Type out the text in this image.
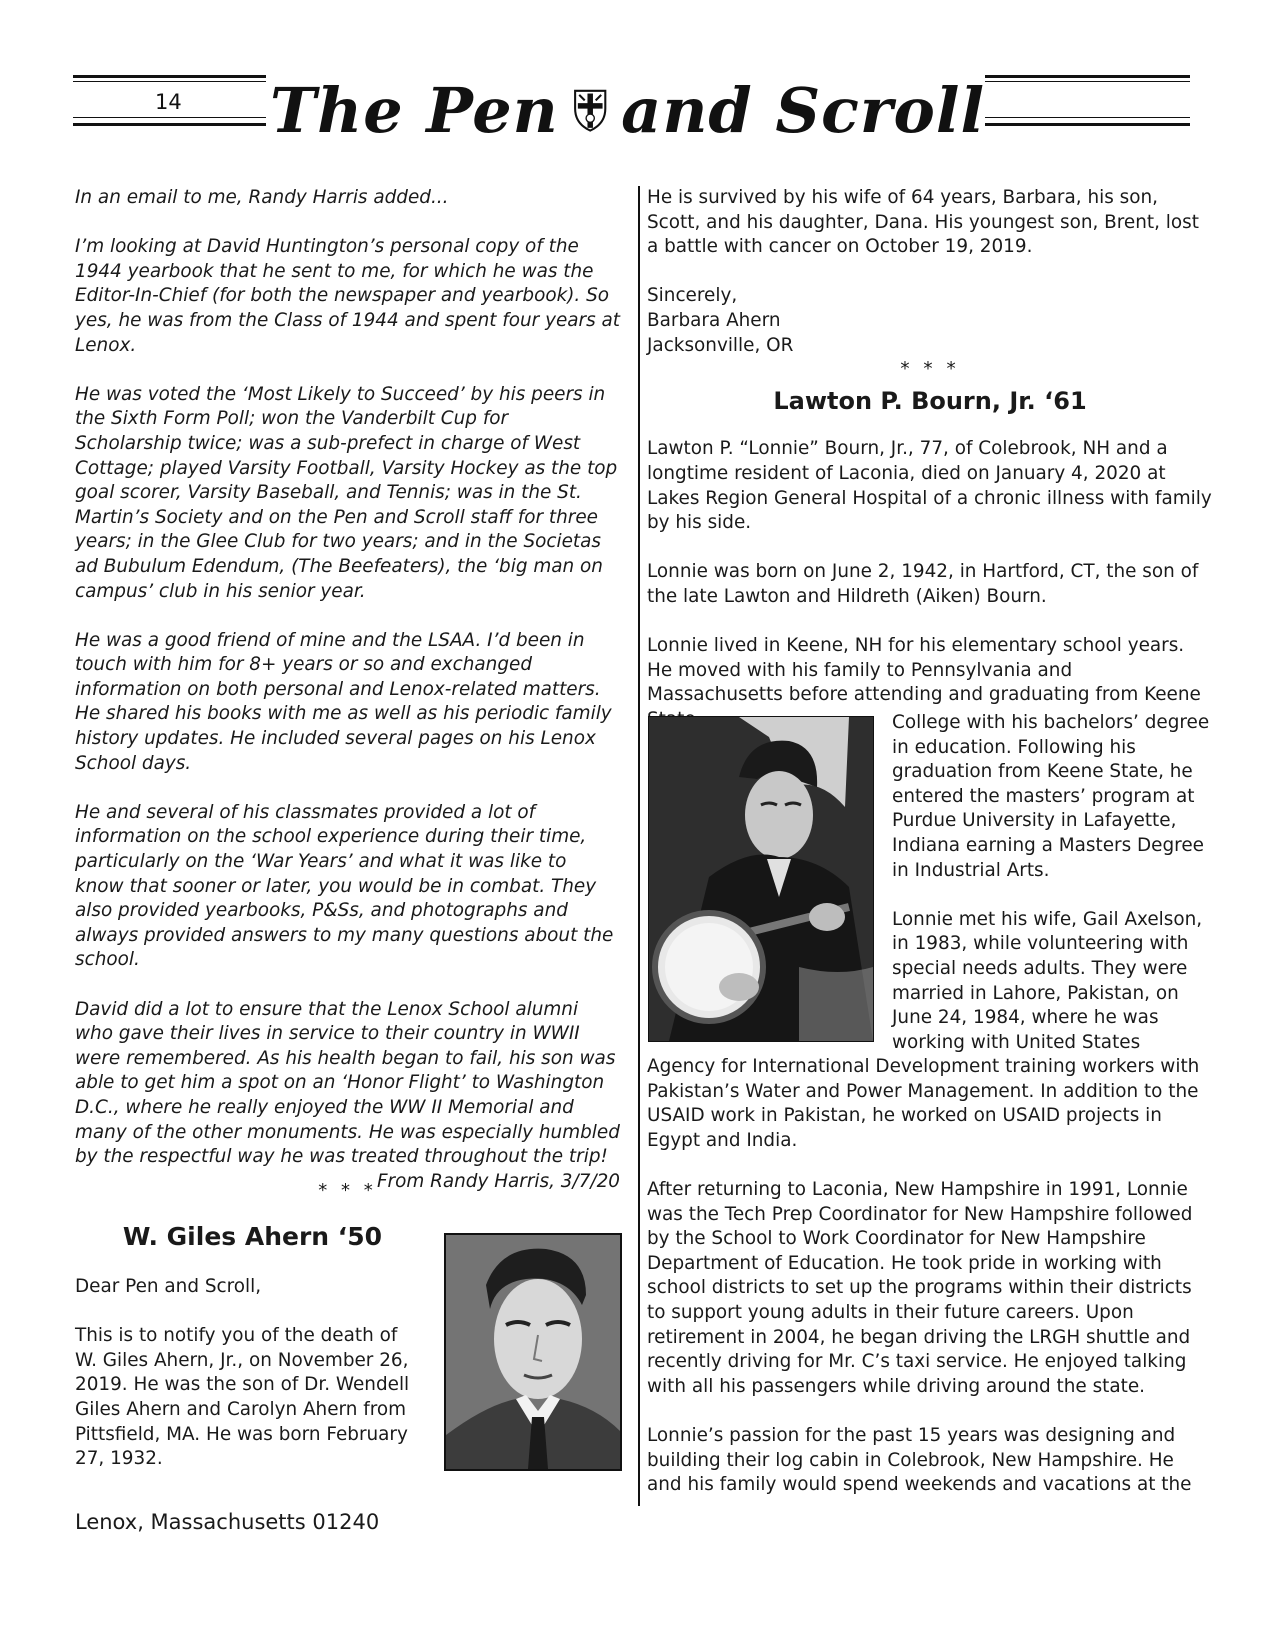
14 The Pen and Scroll

In an email to me, Randy Harris added...

I’m looking at David Huntington’s personal copy of the 1944 yearbook that he sent to me, for which he was the Editor-In-Chief (for both the newspaper and yearbook). So yes, he was from the Class of 1944 and spent four years at Lenox.

He was voted the ‘Most Likely to Succeed’ by his peers in the Sixth Form Poll; won the Vanderbilt Cup for Scholarship twice; was a sub-prefect in charge of West Cottage; played Varsity Football, Varsity Hockey as the top goal scorer, Varsity Baseball, and Tennis; was in the St. Martin’s Society and on the Pen and Scroll staff for three years; in the Glee Club for two years; and in the Societas ad Bubulum Edendum, (The Beefeaters), the ‘big man on campus’ club in his senior year.

He was a good friend of mine and the LSAA. I’d been in touch with him for 8+ years or so and exchanged information on both personal and Lenox-related matters. He shared his books with me as well as his periodic family history updates. He included several pages on his Lenox School days.

He and several of his classmates provided a lot of information on the school experience during their time, particularly on the ‘War Years’ and what it was like to know that sooner or later, you would be in combat. They also provided yearbooks, P&Ss, and photographs and always provided answers to my many questions about the school.

David did a lot to ensure that the Lenox School alumni who gave their lives in service to their country in WWII were remembered. As his health began to fail, his son was able to get him a spot on an ‘Honor Flight’ to Washington D.C., where he really enjoyed the WW II Memorial and many of the other monuments. He was especially humbled by the respectful way he was treated throughout the trip!

From Randy Harris, 3/7/20

* * *
W. Giles Ahern ‘50

Dear Pen and Scroll,

This is to notify you of the death of W. Giles Ahern, Jr., on November 26, 2019. He was the son of Dr. Wendell Giles Ahern and Carolyn Ahern from Pittsfield, MA. He was born February 27, 1932.

Lenox, Massachusetts 01240

He is survived by his wife of 64 years, Barbara, his son, Scott, and his daughter, Dana. His youngest son, Brent, lost a battle with cancer on October 19, 2019.

Sincerely,
Barbara Ahern
Jacksonville, OR
* * *
Lawton P. Bourn, Jr. ‘61

Lawton P. “Lonnie” Bourn, Jr., 77, of Colebrook, NH and a longtime resident of Laconia, died on January 4, 2020 at Lakes Region General Hospital of a chronic illness with family by his side.

Lonnie was born on June 2, 1942, in Hartford, CT, the son of the late Lawton and Hildreth (Aiken) Bourn.

Lonnie lived in Keene, NH for his elementary school years. He moved with his family to Pennsylvania and Massachusetts before attending and graduating from Keene

College with his bachelors’ degree in education. Following his graduation from Keene State, he entered the masters’ program at Purdue University in Lafayette, Indiana earning a Masters Degree in Industrial Arts.

Lonnie met his wife, Gail Axelson, in 1983, while volunteering with special needs adults. They were married in Lahore, Pakistan, on June 24, 1984, where he was working with United States

Agency for International Development training workers with Pakistan’s Water and Power Management. In addition to the USAID work in Pakistan, he worked on USAID projects in Egypt and India.

After returning to Laconia, New Hampshire in 1991, Lonnie was the Tech Prep Coordinator for New Hampshire followed by the School to Work Coordinator for New Hampshire Department of Education. He took pride in working with school districts to set up the programs within their districts to support young adults in their future careers. Upon retirement in 2004, he began driving the LRGH shuttle and recently driving for Mr. C’s taxi service. He enjoyed talking with all his passengers while driving around the state.

Lonnie’s passion for the past 15 years was designing and building their log cabin in Colebrook, New Hampshire. He and his family would spend weekends and vacations at the
